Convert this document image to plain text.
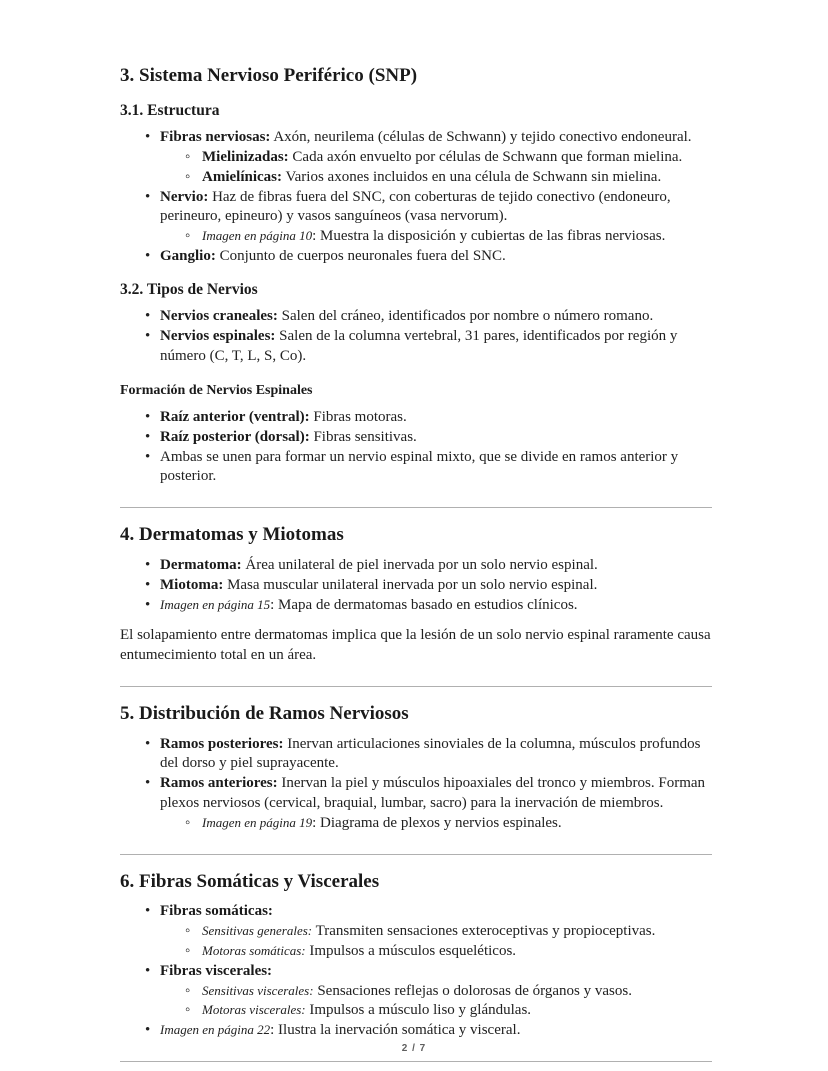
3. Sistema Nervioso Periférico (SNP)
3.1. Estructura
• Fibras nerviosas: Axón, neurilema (células de Schwann) y tejido conectivo endoneural.
◦ Mielinizadas: Cada axón envuelto por células de Schwann que forman mielina.
◦ Amielínicas: Varios axones incluidos en una célula de Schwann sin mielina.
• Nervio: Haz de fibras fuera del SNC, con coberturas de tejido conectivo (endoneuro, perineuro, epineuro) y vasos sanguíneos (vasa nervorum).
◦ Imagen en página 10: Muestra la disposición y cubiertas de las fibras nerviosas.
• Ganglio: Conjunto de cuerpos neuronales fuera del SNC.
3.2. Tipos de Nervios
• Nervios craneales: Salen del cráneo, identificados por nombre o número romano.
• Nervios espinales: Salen de la columna vertebral, 31 pares, identificados por región y número (C, T, L, S, Co).
Formación de Nervios Espinales
• Raíz anterior (ventral): Fibras motoras.
• Raíz posterior (dorsal): Fibras sensitivas.
• Ambas se unen para formar un nervio espinal mixto, que se divide en ramos anterior y posterior.
4. Dermatomas y Miotomas
• Dermatoma: Área unilateral de piel inervada por un solo nervio espinal.
• Miotoma: Masa muscular unilateral inervada por un solo nervio espinal.
• Imagen en página 15: Mapa de dermatomas basado en estudios clínicos.

El solapamiento entre dermatomas implica que la lesión de un solo nervio espinal raramente causa entumecimiento total en un área.

5. Distribución de Ramos Nerviosos
• Ramos posteriores: Inervan articulaciones sinoviales de la columna, músculos profundos del dorso y piel suprayacente.
• Ramos anteriores: Inervan la piel y músculos hipoaxiales del tronco y miembros. Forman plexos nerviosos (cervical, braquial, lumbar, sacro) para la inervación de miembros.
◦ Imagen en página 19: Diagrama de plexos y nervios espinales.
6. Fibras Somáticas y Viscerales
• Fibras somáticas:
◦ Sensitivas generales: Transmiten sensaciones exteroceptivas y propioceptivas.
◦ Motoras somáticas: Impulsos a músculos esqueléticos.
• Fibras viscerales:
◦ Sensitivas viscerales: Sensaciones reflejas o dolorosas de órganos y vasos.
◦ Motoras viscerales: Impulsos a músculo liso y glándulas.
• Imagen en página 22: Ilustra la inervación somática y visceral.
2 / 7
